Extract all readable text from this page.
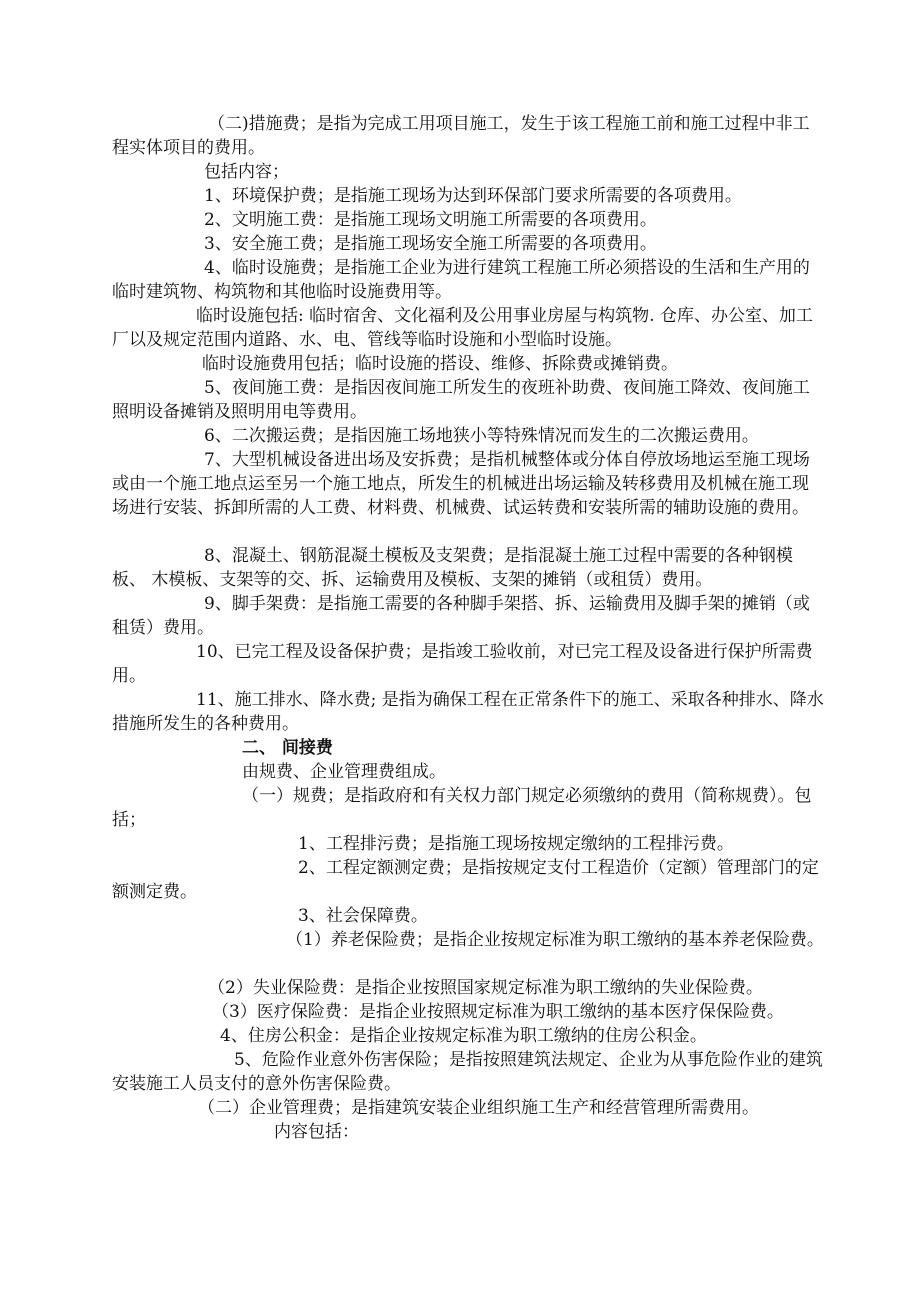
（二)措施费；是指为完成工用项目施工，发生于该工程施工前和施工过程中非工程实体项目的费用。

包括内容；

1、环境保护费；是指施工现场为达到环保部门要求所需要的各项费用。

2、文明施工费：是指施工现场文明施工所需要的各项费用。

3、安全施工费；是指施工现场安全施工所需要的各项费用。

4、临时设施费；是指施工企业为进行建筑工程施工所必须搭设的生活和生产用的临时建筑物、构筑物和其他临时设施费用等。

临时设施包括: 临时宿舍、文化福利及公用事业房屋与构筑物. 仓库、办公室、加工厂以及规定范围内道路、水、电、管线等临时设施和小型临时设施。

临时设施费用包括；临时设施的搭设、维修、拆除费或摊销费。

5、夜间施工费：是指因夜间施工所发生的夜班补助费、夜间施工降效、夜间施工照明设备摊销及照明用电等费用。

6、二次搬运费；是指因施工场地狭小等特殊情况而发生的二次搬运费用。

7、大型机械设备进出场及安拆费；是指机械整体或分体自停放场地运至施工现场或由一个施工地点运至另一个施工地点，所发生的机械进出场运输及转移费用及机械在施工现场进行安装、拆卸所需的人工费、材料费、机械费、试运转费和安装所需的辅助设施的费用。

8、混凝土、钢筋混凝土模板及支架费；是指混凝土施工过程中需要的各种钢模板、 木模板、支架等的交、拆、运输费用及模板、支架的摊销（或租赁）费用。

9、脚手架费：是指施工需要的各种脚手架搭、拆、运输费用及脚手架的摊销（或租赁）费用。

10、已完工程及设备保护费；是指竣工验收前，对已完工程及设备进行保护所需费用。

11、施工排水、降水费; 是指为确保工程在正常条件下的施工、采取各种排水、降水措施所发生的各种费用。

二、 间接费

由规费、企业管理费组成。

（一）规费；是指政府和有关权力部门规定必须缴纳的费用（简称规费）。包括；

1、工程排污费；是指施工现场按规定缴纳的工程排污费。

2、工程定额测定费；是指按规定支付工程造价（定额）管理部门的定额测定费。

3、社会保障费。

（1）养老保险费；是指企业按规定标准为职工缴纳的基本养老保险费。

（2）失业保险费：是指企业按照国家规定标准为职工缴纳的失业保险费。

（3）医疗保险费：是指企业按照规定标准为职工缴纳的基本医疗保保险费。

4、住房公积金：是指企业按规定标准为职工缴纳的住房公积金。

5、危险作业意外伤害保险；是指按照建筑法规定、企业为从事危险作业的建筑安装施工人员支付的意外伤害保险费。

（二）企业管理费；是指建筑安装企业组织施工生产和经营管理所需费用。

内容包括：
